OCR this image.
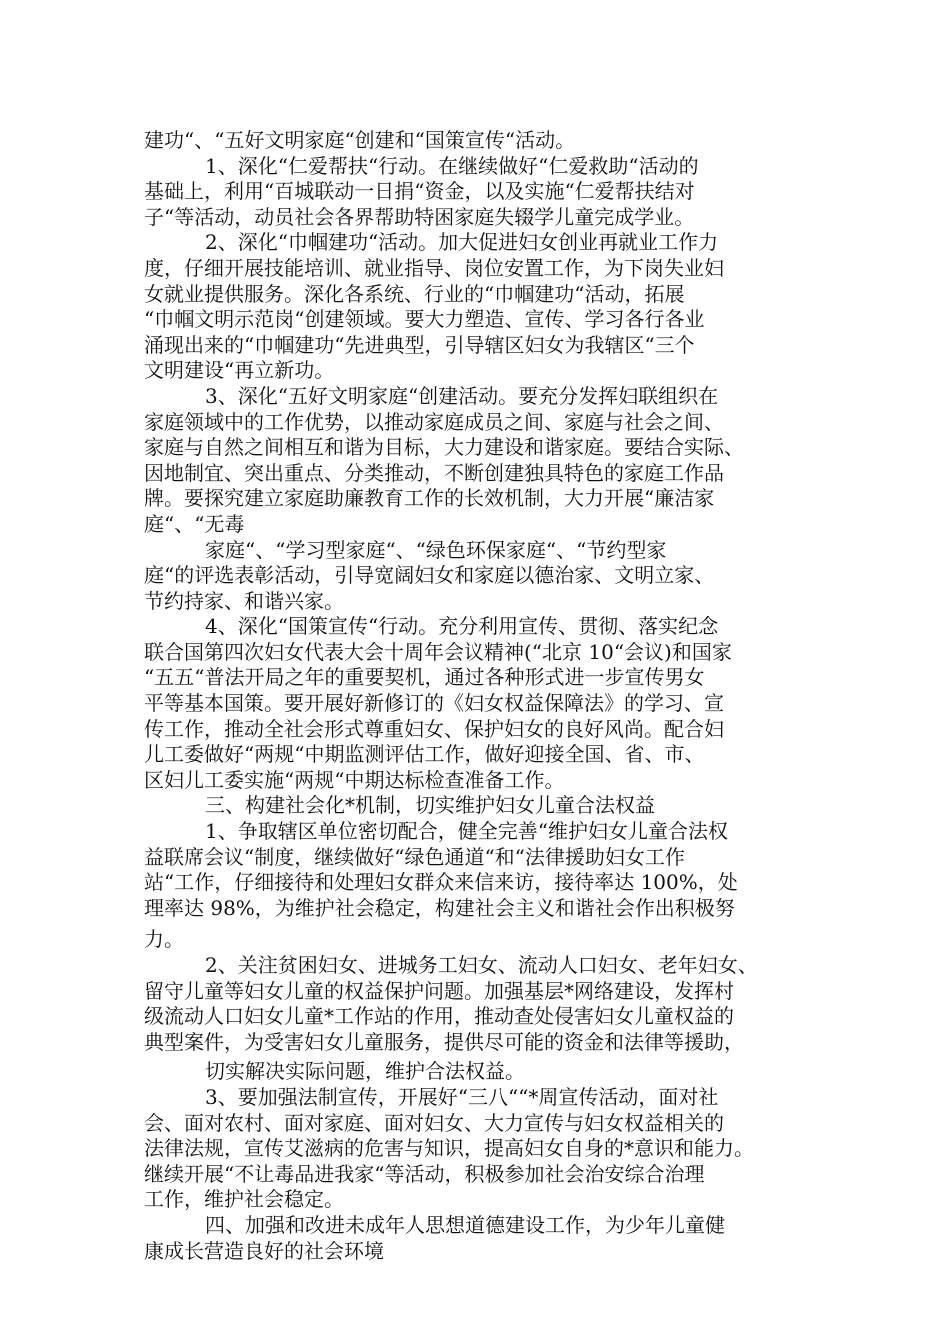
建功“、“五好文明家庭“创建和“国策宣传“活动。
1、深化“仁爱帮扶“行动。在继续做好“仁爱救助“活动的
基础上，利用“百城联动一日捐“资金，以及实施“仁爱帮扶结对
子“等活动，动员社会各界帮助特困家庭失辍学儿童完成学业。
2、深化“巾帼建功“活动。加大促进妇女创业再就业工作力
度，仔细开展技能培训、就业指导、岗位安置工作，为下岗失业妇
女就业提供服务。深化各系统、行业的“巾帼建功“活动，拓展
“巾帼文明示范岗“创建领域。要大力塑造、宣传、学习各行各业
涌现出来的“巾帼建功“先进典型，引导辖区妇女为我辖区“三个
文明建设“再立新功。
3、深化“五好文明家庭“创建活动。要充分发挥妇联组织在
家庭领域中的工作优势，以推动家庭成员之间、家庭与社会之间、
家庭与自然之间相互和谐为目标，大力建设和谐家庭。要结合实际、
因地制宜、突出重点、分类推动，不断创建独具特色的家庭工作品
牌。要探究建立家庭助廉教育工作的长效机制，大力开展“廉洁家
庭“、“无毒
家庭“、“学习型家庭“、“绿色环保家庭“、“节约型家
庭“的评选表彰活动，引导宽阔妇女和家庭以德治家、文明立家、
节约持家、和谐兴家。
4、深化“国策宣传“行动。充分利用宣传、贯彻、落实纪念
联合国第四次妇女代表大会十周年会议精神(“北京 10“会议)和国家
“五五“普法开局之年的重要契机，通过各种形式进一步宣传男女
平等基本国策。要开展好新修订的《妇女权益保障法》的学习、宣
传工作，推动全社会形式尊重妇女、保护妇女的良好风尚。配合妇
儿工委做好“两规“中期监测评估工作，做好迎接全国、省、市、
区妇儿工委实施“两规“中期达标检查准备工作。
三、构建社会化*机制，切实维护妇女儿童合法权益
1、争取辖区单位密切配合，健全完善“维护妇女儿童合法权
益联席会议“制度，继续做好“绿色通道“和“法律援助妇女工作
站“工作，仔细接待和处理妇女群众来信来访，接待率达 100%，处
理率达 98%，为维护社会稳定，构建社会主义和谐社会作出积极努
力。
2、关注贫困妇女、进城务工妇女、流动人口妇女、老年妇女、
留守儿童等妇女儿童的权益保护问题。加强基层*网络建设，发挥村
级流动人口妇女儿童*工作站的作用，推动查处侵害妇女儿童权益的
典型案件，为受害妇女儿童服务，提供尽可能的资金和法律等援助，
切实解决实际问题，维护合法权益。
3、要加强法制宣传，开展好“三八““*周宣传活动，面对社
会、面对农村、面对家庭、面对妇女、大力宣传与妇女权益相关的
法律法规，宣传艾滋病的危害与知识，提高妇女自身的*意识和能力。
继续开展“不让毒品进我家“等活动，积极参加社会治安综合治理
工作，维护社会稳定。
四、加强和改进未成年人思想道德建设工作，为少年儿童健
康成长营造良好的社会环境
